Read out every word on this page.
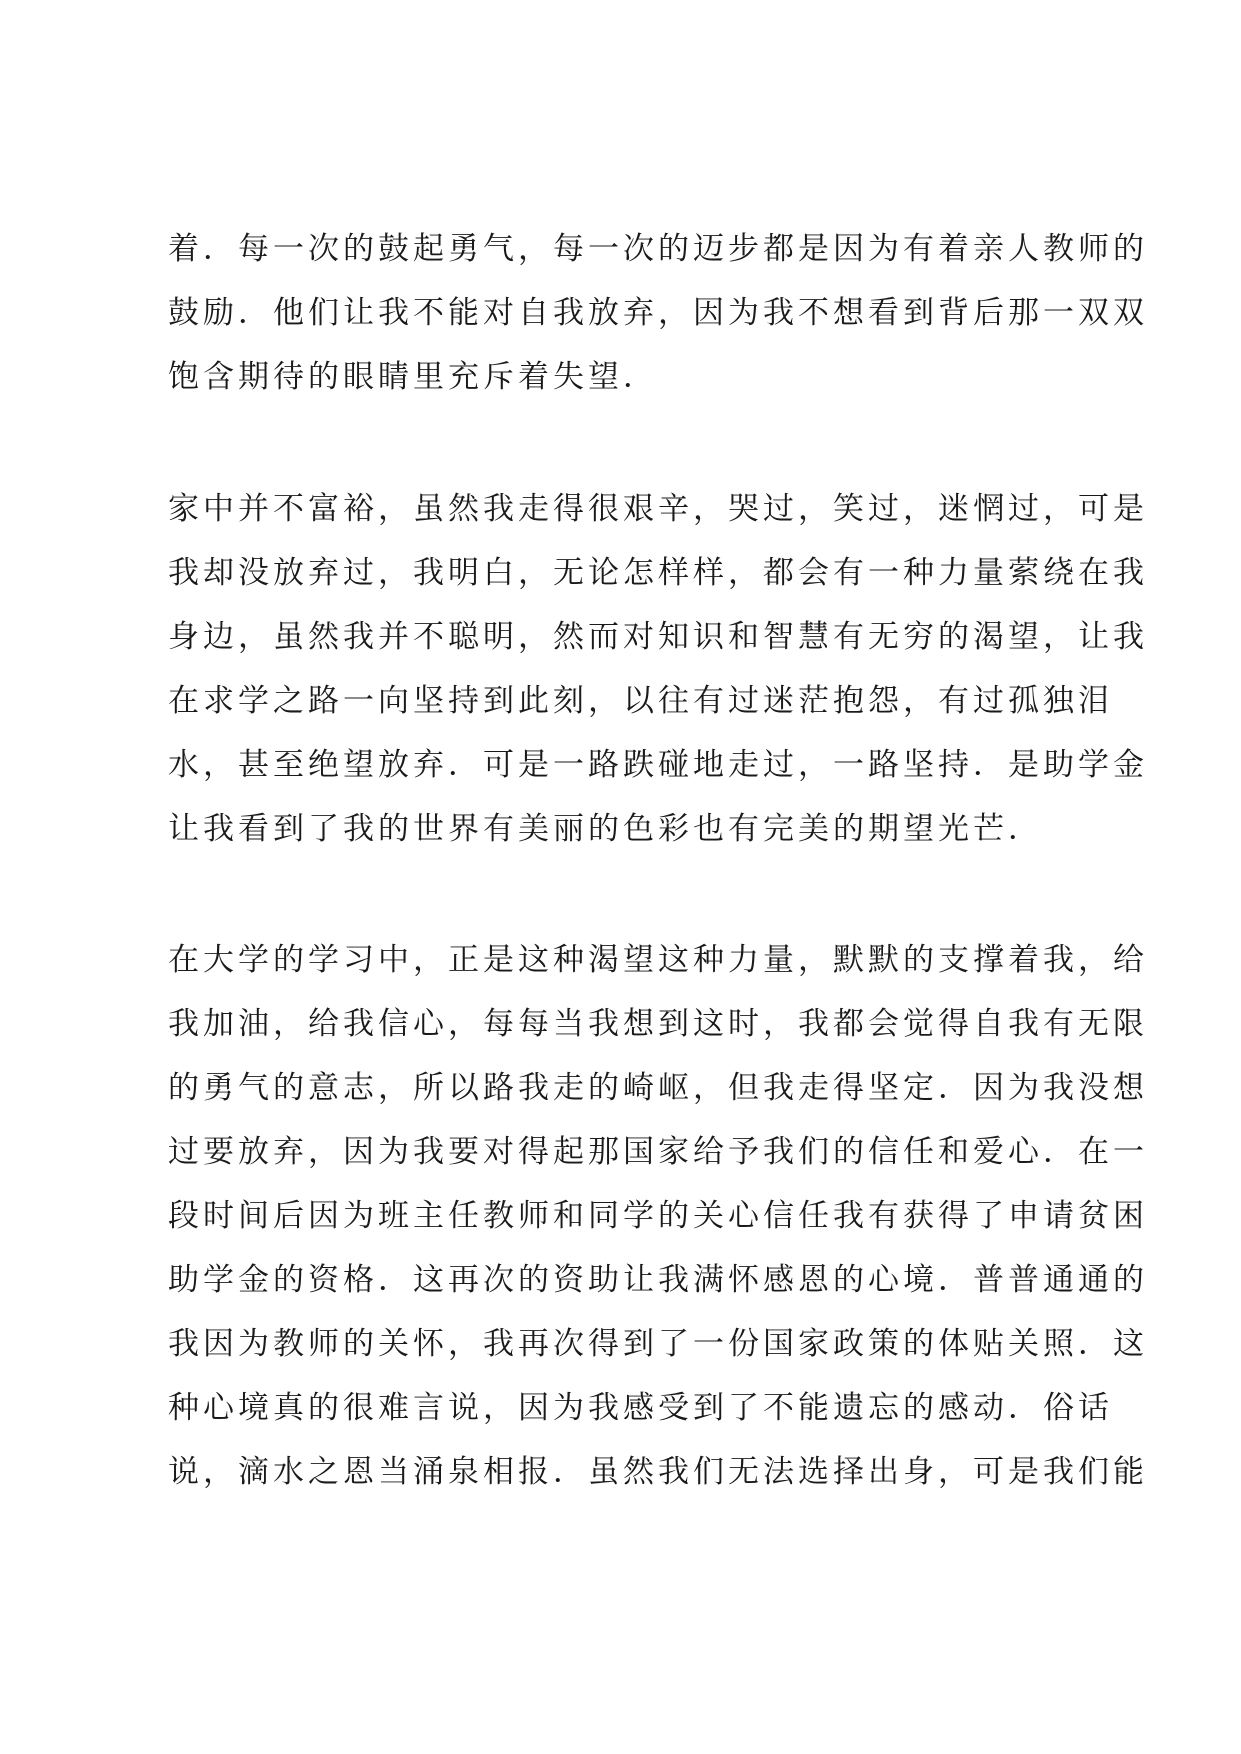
着．每一次的鼓起勇气，每一次的迈步都是因为有着亲人教师的
鼓励．他们让我不能对自我放弃，因为我不想看到背后那一双双
饱含期待的眼睛里充斥着失望．
家中并不富裕，虽然我走得很艰辛，哭过，笑过，迷惘过，可是
我却没放弃过，我明白，无论怎样样，都会有一种力量萦绕在我
身边，虽然我并不聪明，然而对知识和智慧有无穷的渴望，让我
在求学之路一向坚持到此刻，以往有过迷茫抱怨，有过孤独泪
水，甚至绝望放弃．可是一路跌碰地走过，一路坚持．是助学金
让我看到了我的世界有美丽的色彩也有完美的期望光芒．
在大学的学习中，正是这种渴望这种力量，默默的支撑着我，给
我加油，给我信心，每每当我想到这时，我都会觉得自我有无限
的勇气的意志，所以路我走的崎岖，但我走得坚定．因为我没想
过要放弃，因为我要对得起那国家给予我们的信任和爱心．在一
段时间后因为班主任教师和同学的关心信任我有获得了申请贫困
助学金的资格．这再次的资助让我满怀感恩的心境．普普通通的
我因为教师的关怀，我再次得到了一份国家政策的体贴关照．这
种心境真的很难言说，因为我感受到了不能遗忘的感动．俗话
说，滴水之恩当涌泉相报．虽然我们无法选择出身，可是我们能
